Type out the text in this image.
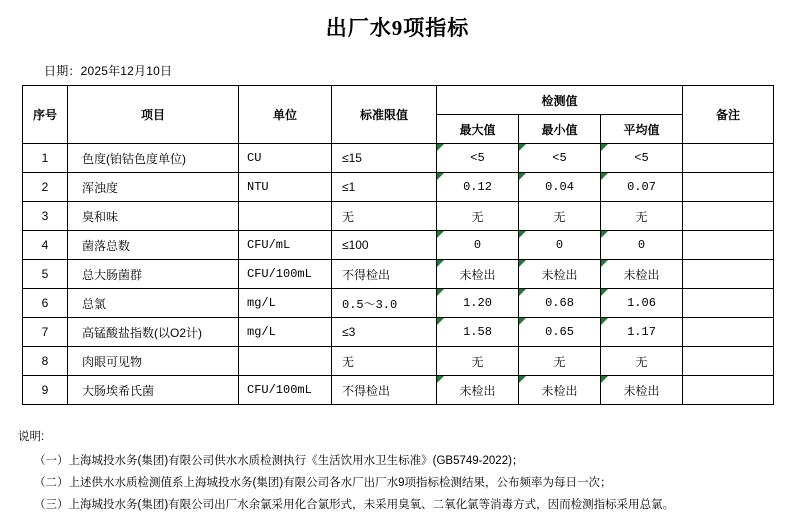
出厂水9项指标
日期：2025年12月10日
序号	项目	单位	标准限值	检测值			备注
				最大值	最小值	平均值	
1	色度(铂钴色度单位)	CU	≤15	<5	<5	<5	
2	浑浊度	NTU	≤1	0.12	0.04	0.07	
3	臭和味		无	无	无	无	
4	菌落总数	CFU/mL	≤100	0	0	0	
5	总大肠菌群	CFU/100mL	不得检出	未检出	未检出	未检出	
6	总氯	mg/L	0.5～3.0	1.20	0.68	1.06	
7	高锰酸盐指数(以O2计)	mg/L	≤3	1.58	0.65	1.17	
8	肉眼可见物		无	无	无	无	
9	大肠埃希氏菌	CFU/100mL	不得检出	未检出	未检出	未检出	
说明:
（一）上海城投水务(集团)有限公司供水水质检测执行《生活饮用水卫生标准》(GB5749-2022)；
（二）上述供水水质检测值系上海城投水务(集团)有限公司各水厂出厂水9项指标检测结果，公布频率为每日一次；
（三）上海城投水务(集团)有限公司出厂水余氯采用化合氯形式，未采用臭氧、二氧化氯等消毒方式，因而检测指标采用总氯。
